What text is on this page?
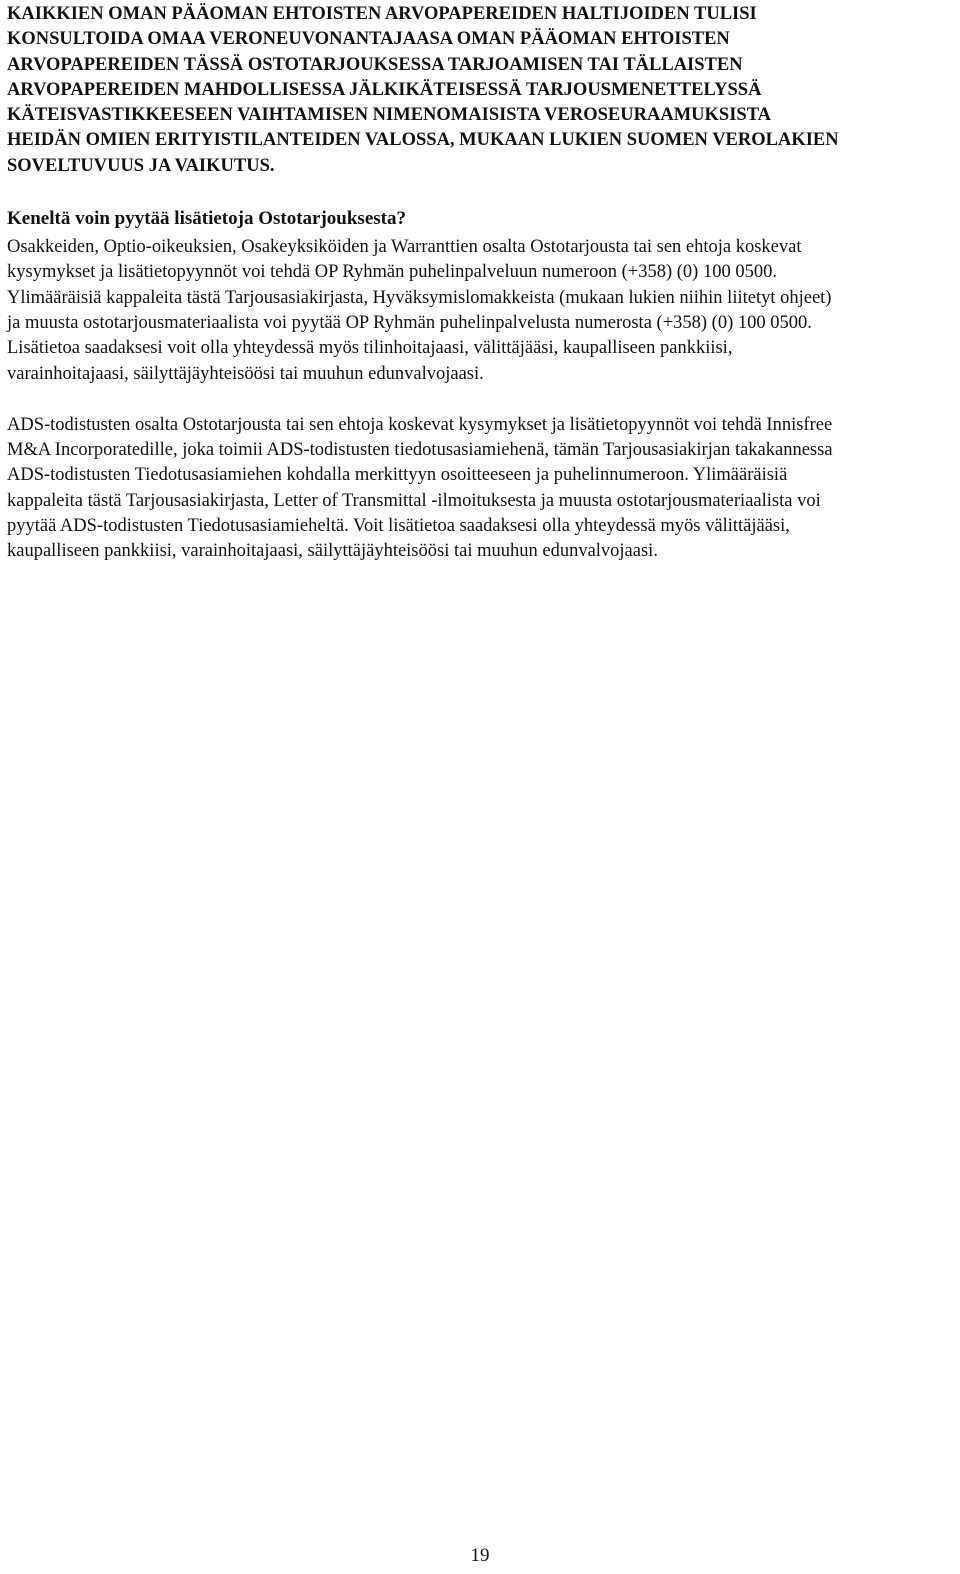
KAIKKIEN OMAN PÄÄOMAN EHTOISTEN ARVOPAPEREIDEN HALTIJOIDEN TULISI
KONSULTOIDA OMAA VERONEUVONANTAJAASA OMAN PÄÄOMAN EHTOISTEN
ARVOPAPEREIDEN TÄSSÄ OSTOTARJOUKSESSA TARJOAMISEN TAI TÄLLAISTEN
ARVOPAPEREIDEN MAHDOLLISESSA JÄLKIKÄTEISESSÄ TARJOUSMENETTELYSSÄ
KÄTEISVASTIKKEESEEN VAIHTAMISEN NIMENOMAISISTA VEROSEURAAMUKSISTA
HEIDÄN OMIEN ERITYISTILANTEIDEN VALOSSA, MUKAAN LUKIEN SUOMEN VEROLAKIEN
SOVELTUVUUS JA VAIKUTUS.

Keneltä voin pyytää lisätietoja Ostotarjouksesta?

Osakkeiden, Optio-oikeuksien, Osakeyksiköiden ja Warranttien osalta Ostotarjousta tai sen ehtoja koskevat
kysymykset ja lisätietopyynnöt voi tehdä OP Ryhmän puhelinpalveluun numeroon (+358) (0) 100 0500.
Ylimääräisiä kappaleita tästä Tarjousasiakirjasta, Hyväksymislomakkeista (mukaan lukien niihin liitetyt ohjeet)
ja muusta ostotarjousmateriaalista voi pyytää OP Ryhmän puhelinpalvelusta numerosta (+358) (0) 100 0500.
Lisätietoa saadaksesi voit olla yhteydessä myös tilinhoitajaasi, välittäjääsi, kaupalliseen pankkiisi,
varainhoitajaasi, säilyttäjäyhteisöösi tai muuhun edunvalvojaasi.

ADS-todistusten osalta Ostotarjousta tai sen ehtoja koskevat kysymykset ja lisätietopyynnöt voi tehdä Innisfree
M&A Incorporatedille, joka toimii ADS-todistusten tiedotusasiamiehenä, tämän Tarjousasiakirjan takakannessa
ADS-todistusten Tiedotusasiamiehen kohdalla merkittyyn osoitteeseen ja puhelinnumeroon. Ylimääräisiä
kappaleita tästä Tarjousasiakirjasta, Letter of Transmittal -ilmoituksesta ja muusta ostotarjousmateriaalista voi
pyytää ADS-todistusten Tiedotusasiamieheltä. Voit lisätietoa saadaksesi olla yhteydessä myös välittäjääsi,
kaupalliseen pankkiisi, varainhoitajaasi, säilyttäjäyhteisöösi tai muuhun edunvalvojaasi.

19
